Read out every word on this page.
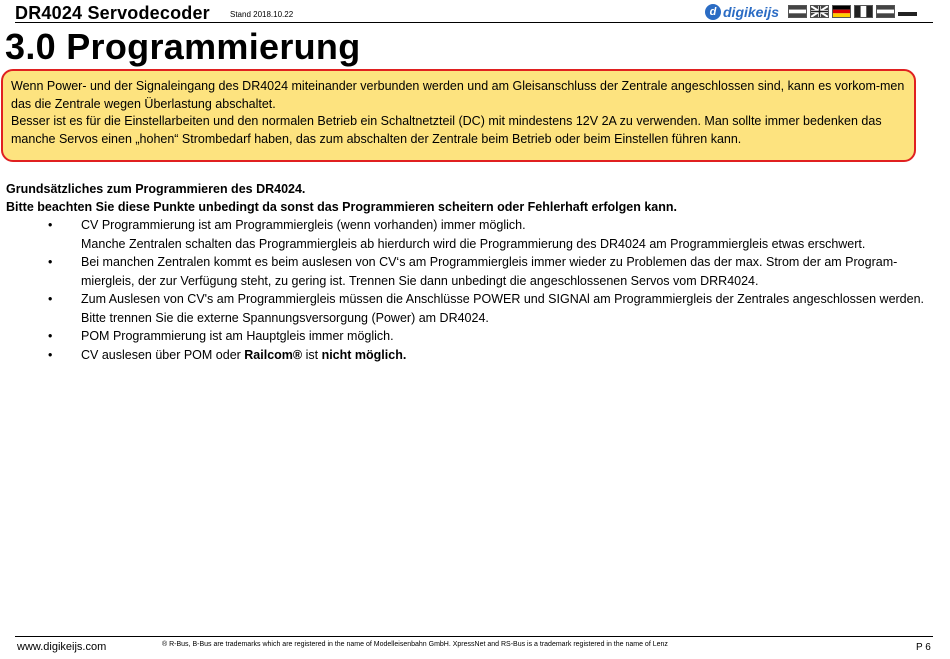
DR4024 Servodecoder	Stand 2018.10.22	d digikeijs
3.0 Programmierung

Wenn Power- und der Signaleingang des DR4024 miteinander verbunden werden und am Gleisanschluss der Zentrale angeschlossen sind, kann es vorkom-men das die Zentrale wegen Überlastung abschaltet.

Besser ist es für die Einstellarbeiten und den normalen Betrieb ein Schaltnetzteil (DC) mit mindestens 12V 2A zu verwenden. Man sollte immer bedenken das manche Servos einen „hohen“ Strombedarf haben, das zum abschalten der Zentrale beim Betrieb oder beim Einstellen führen kann.

Grundsätzliches zum Programmieren des DR4024.

Bitte beachten Sie diese Punkte unbedingt da sonst das Programmieren scheitern oder Fehlerhaft erfolgen kann.

• CV Programmierung ist am Programmiergleis (wenn vorhanden) immer möglich.

Manche Zentralen schalten das Programmiergleis ab hierdurch wird die Programmierung des DR4024 am Programmiergleis etwas erschwert.

• Bei manchen Zentralen kommt es beim auslesen von CV‘s am Programmiergleis immer wieder zu Problemen das der max. Strom der am Program-miergleis, der zur Verfügung steht, zu gering ist. Trennen Sie dann unbedingt die angeschlossenen Servos vom DRR4024.

• Zum Auslesen von CV's am Programmiergleis müssen die Anschlüsse POWER und SIGNAl am Programmiergleis der Zentrales angeschlossen werden.

Bitte trennen Sie die externe Spannungsversorgung (Power) am DR4024.

• POM Programmierung ist am Hauptgleis immer möglich.

• CV auslesen über POM oder Railcom® ist nicht möglich.

www.digikeijs.com	® R-Bus, B-Bus are trademarks which are registered in the name of Modelleisenbahn GmbH. XpressNet and RS-Bus is a trademark registered in the name of Lenz	P 6
